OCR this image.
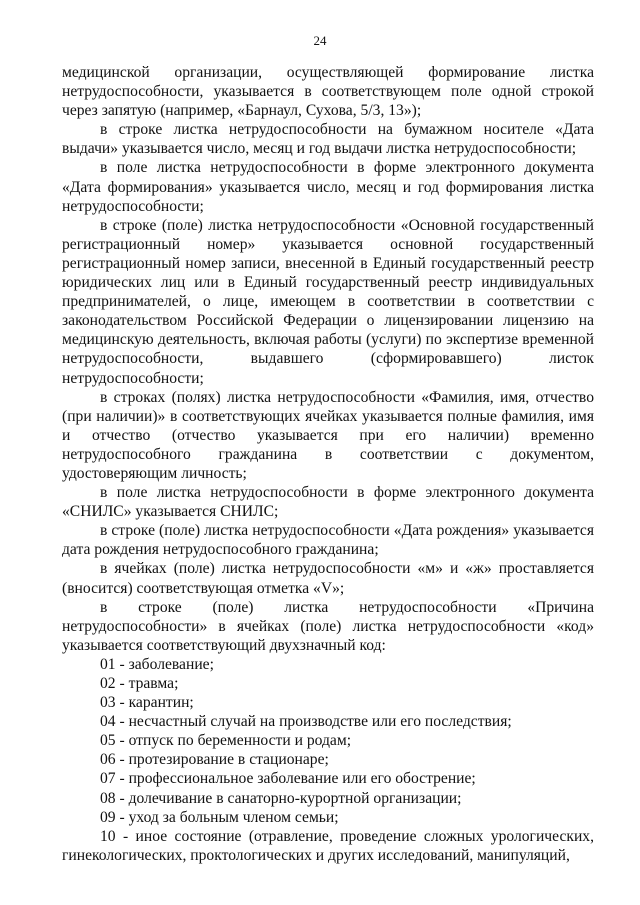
24

медицинской организации, осуществляющей формирование листка нетрудоспособности, указывается в соответствующем поле одной строкой через запятую (например, «Барнаул, Сухова, 5/3, 13»);

в строке листка нетрудоспособности на бумажном носителе «Дата выдачи» указывается число, месяц и год выдачи листка нетрудоспособности;

в поле листка нетрудоспособности в форме электронного документа «Дата формирования» указывается число, месяц и год формирования листка нетрудоспособности;

в строке (поле) листка нетрудоспособности «Основной государственный регистрационный номер» указывается основной государственный регистрационный номер записи, внесенной в Единый государственный реестр юридических лиц или в Единый государственный реестр индивидуальных предпринимателей, о лице, имеющем в соответствии в соответствии с законодательством Российской Федерации о лицензировании лицензию на медицинскую деятельность, включая работы (услуги) по экспертизе временной нетрудоспособности, выдавшего (сформировавшего) листок нетрудоспособности;

в строках (полях) листка нетрудоспособности «Фамилия, имя, отчество (при наличии)» в соответствующих ячейках указывается полные фамилия, имя и отчество (отчество указывается при его наличии) временно нетрудоспособного гражданина в соответствии с документом, удостоверяющим личность;

в поле листка нетрудоспособности в форме электронного документа «СНИЛС» указывается СНИЛС;

в строке (поле) листка нетрудоспособности «Дата рождения» указывается дата рождения нетрудоспособного гражданина;

в ячейках (поле) листка нетрудоспособности «м» и «ж» проставляется (вносится) соответствующая отметка «V»;

в строке (поле) листка нетрудоспособности «Причина нетрудоспособности» в ячейках (поле) листка нетрудоспособности «код» указывается соответствующий двухзначный код:

01 - заболевание;
02 - травма;
03 - карантин;
04 - несчастный случай на производстве или его последствия;
05 - отпуск по беременности и родам;
06 - протезирование в стационаре;
07 - профессиональное заболевание или его обострение;
08 - долечивание в санаторно-курортной организации;
09 - уход за больным членом семьи;
10 - иное состояние (отравление, проведение сложных урологических, гинекологических, проктологических и других исследований, манипуляций,
